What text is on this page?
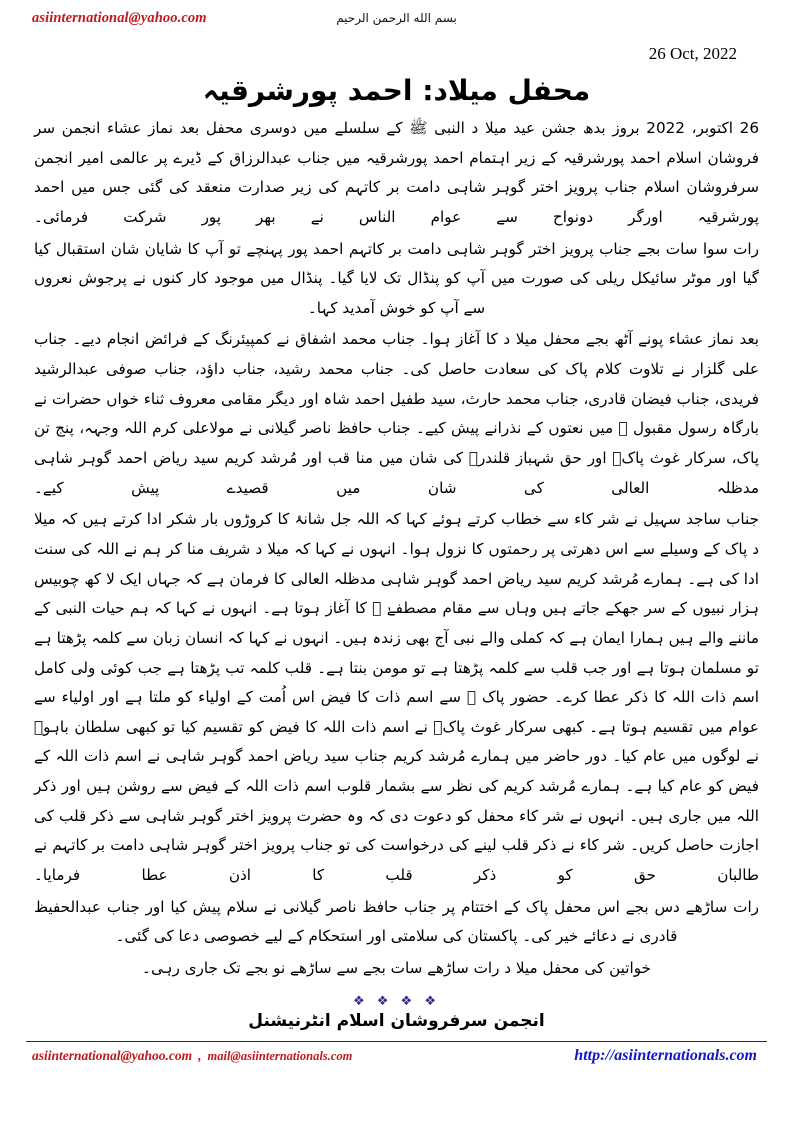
asiinternational@yahoo.com	بسم الله الرحمن الرحيم
26 Oct, 2022
محفل میلاد: احمد پورشرقیہ

26 اکتوبر، 2022 بروز بدھ جشن عید میلا د النبی ﷺ کے سلسلے میں دوسری محفل بعد نماز عشاء انجمن سر فروشان اسلام احمد پورشرقیہ کے زیر اہتمام احمد پورشرقیہ میں جناب عبدالرزاق کے ڈیرے پر عالمی امیر انجمن سرفروشان اسلام جناب پرویز اختر گوہر شاہی دامت بر کاتہم کی زیر صدارت منعقد کی گئی جس میں احمد پورشرقیہ اورگر دونواح سے عوام الناس نے بھر پور شرکت فرمائی۔

رات سوا سات بجے جناب پرویز اختر گوہر شاہی دامت بر کاتہم احمد پور پہنچے تو آپ کا شایان شان استقبال کیا گیا اور موٹر سائیکل ریلی کی صورت میں آپ کو پنڈال تک لایا گیا۔ پنڈال میں موجود کار کنوں نے پرجوش نعروں سے آپ کو خوش آمدید کہا۔

بعد نماز عشاء پونے آٹھ بجے محفل میلا د کا آغاز ہوا۔ جناب محمد اشفاق نے کمپیئرنگ کے فرائض انجام دیے۔ جناب علی گلزار نے تلاوت کلام پاک کی سعادت حاصل کی۔ جناب محمد رشید، جناب داؤد، جناب صوفی عبدالرشید فریدی، جناب فیضان قادری، جناب محمد حارث، سید طفیل احمد شاہ اور دیگر مقامی معروف ثناء خواں حضرات نے بارگاہ رسول مقبول ﷺ میں نعتوں کے نذرانے پیش کیے۔ جناب حافظ ناصر گیلانی نے مولاعلی کرم اللہ وجہہ، پنج تن پاک، سرکار غوث پاکؒ اور حق شہباز قلندرؒ کی شان میں منا قب اور مُرشد کریم سید ریاض احمد گوہر شاہی مدظلہ العالی کی شان میں قصیدے پیش کیے۔

جناب ساجد سہیل نے شر کاء سے خطاب کرتے ہوئے کہا کہ اللہ جل شانۂ کا کروڑوں بار شکر ادا کرتے ہیں کہ میلا د پاک کے وسیلے سے اس دھرتی پر رحمتوں کا نزول ہوا۔ انہوں نے کہا کہ میلا د شریف منا کر ہم نے اللہ کی سنت ادا کی ہے۔ ہمارے مُرشد کریم سید ریاض احمد گوہر شاہی مدظلہ العالی کا فرمان ہے کہ جہاں ایک لا کھ چوبیس ہزار نبیوں کے سر جھکے جاتے ہیں وہاں سے مقام مصطفےٰ ﷺ کا آغاز ہوتا ہے۔ انہوں نے کہا کہ ہم حیات النبی کے ماننے والے ہیں ہمارا ایمان ہے کہ کملی والے نبی آج بھی زندہ ہیں۔ انہوں نے کہا کہ انسان زبان سے کلمہ پڑھتا ہے تو مسلمان ہوتا ہے اور جب قلب سے کلمہ پڑھتا ہے تو مومن بنتا ہے۔ قلب کلمہ تب پڑھتا ہے جب کوئی ولی کامل اسم ذات اللہ کا ذکر عطا کرے۔ حضور پاک ﷺ سے اسم ذات کا فیض اس اُمت کے اولیاء کو ملتا ہے اور اولیاء سے عوام میں تقسیم ہوتا ہے۔ کبھی سرکار غوث پاکؒ نے اسم ذات اللہ کا فیض کو تقسیم کیا تو کبھی سلطان باہوؒ نے لوگوں میں عام کیا۔ دور حاضر میں ہمارے مُرشد کریم جناب سید ریاض احمد گوہر شاہی نے اسم ذات اللہ کے فیض کو عام کیا ہے۔ ہمارے مُرشد کریم کی نظر سے بشمار قلوب اسم ذات اللہ کے فیض سے روشن ہیں اور ذکر اللہ میں جاری ہیں۔ انہوں نے شر کاء محفل کو دعوت دی کہ وہ حضرت پرویز اختر گوہر شاہی سے ذکر قلب کی اجازت حاصل کریں۔ شر کاء نے ذکر قلب لینے کی درخواست کی تو جناب پرویز اختر گوہر شاہی دامت بر کاتہم نے طالبان حق کو ذکر قلب کا اذن عطا فرمایا۔

رات ساڑھے دس بجے اس محفل پاک کے اختتام پر جناب حافظ ناصر گیلانی نے سلام پیش کیا اور جناب عبدالحفیظ قادری نے دعائے خیر کی۔ پاکستان کی سلامتی اور استحکام کے لیے خصوصی دعا کی گئی۔

خواتین کی محفل میلا د رات ساڑھے سات بجے سے ساڑھے نو بجے تک جاری رہی۔

❖ ❖ ❖ ❖
انجمن سرفروشان اسلام انٹرنیشنل
asiinternational@yahoo.com , mail@asiinternationals.com	http://asiinternationals.com
